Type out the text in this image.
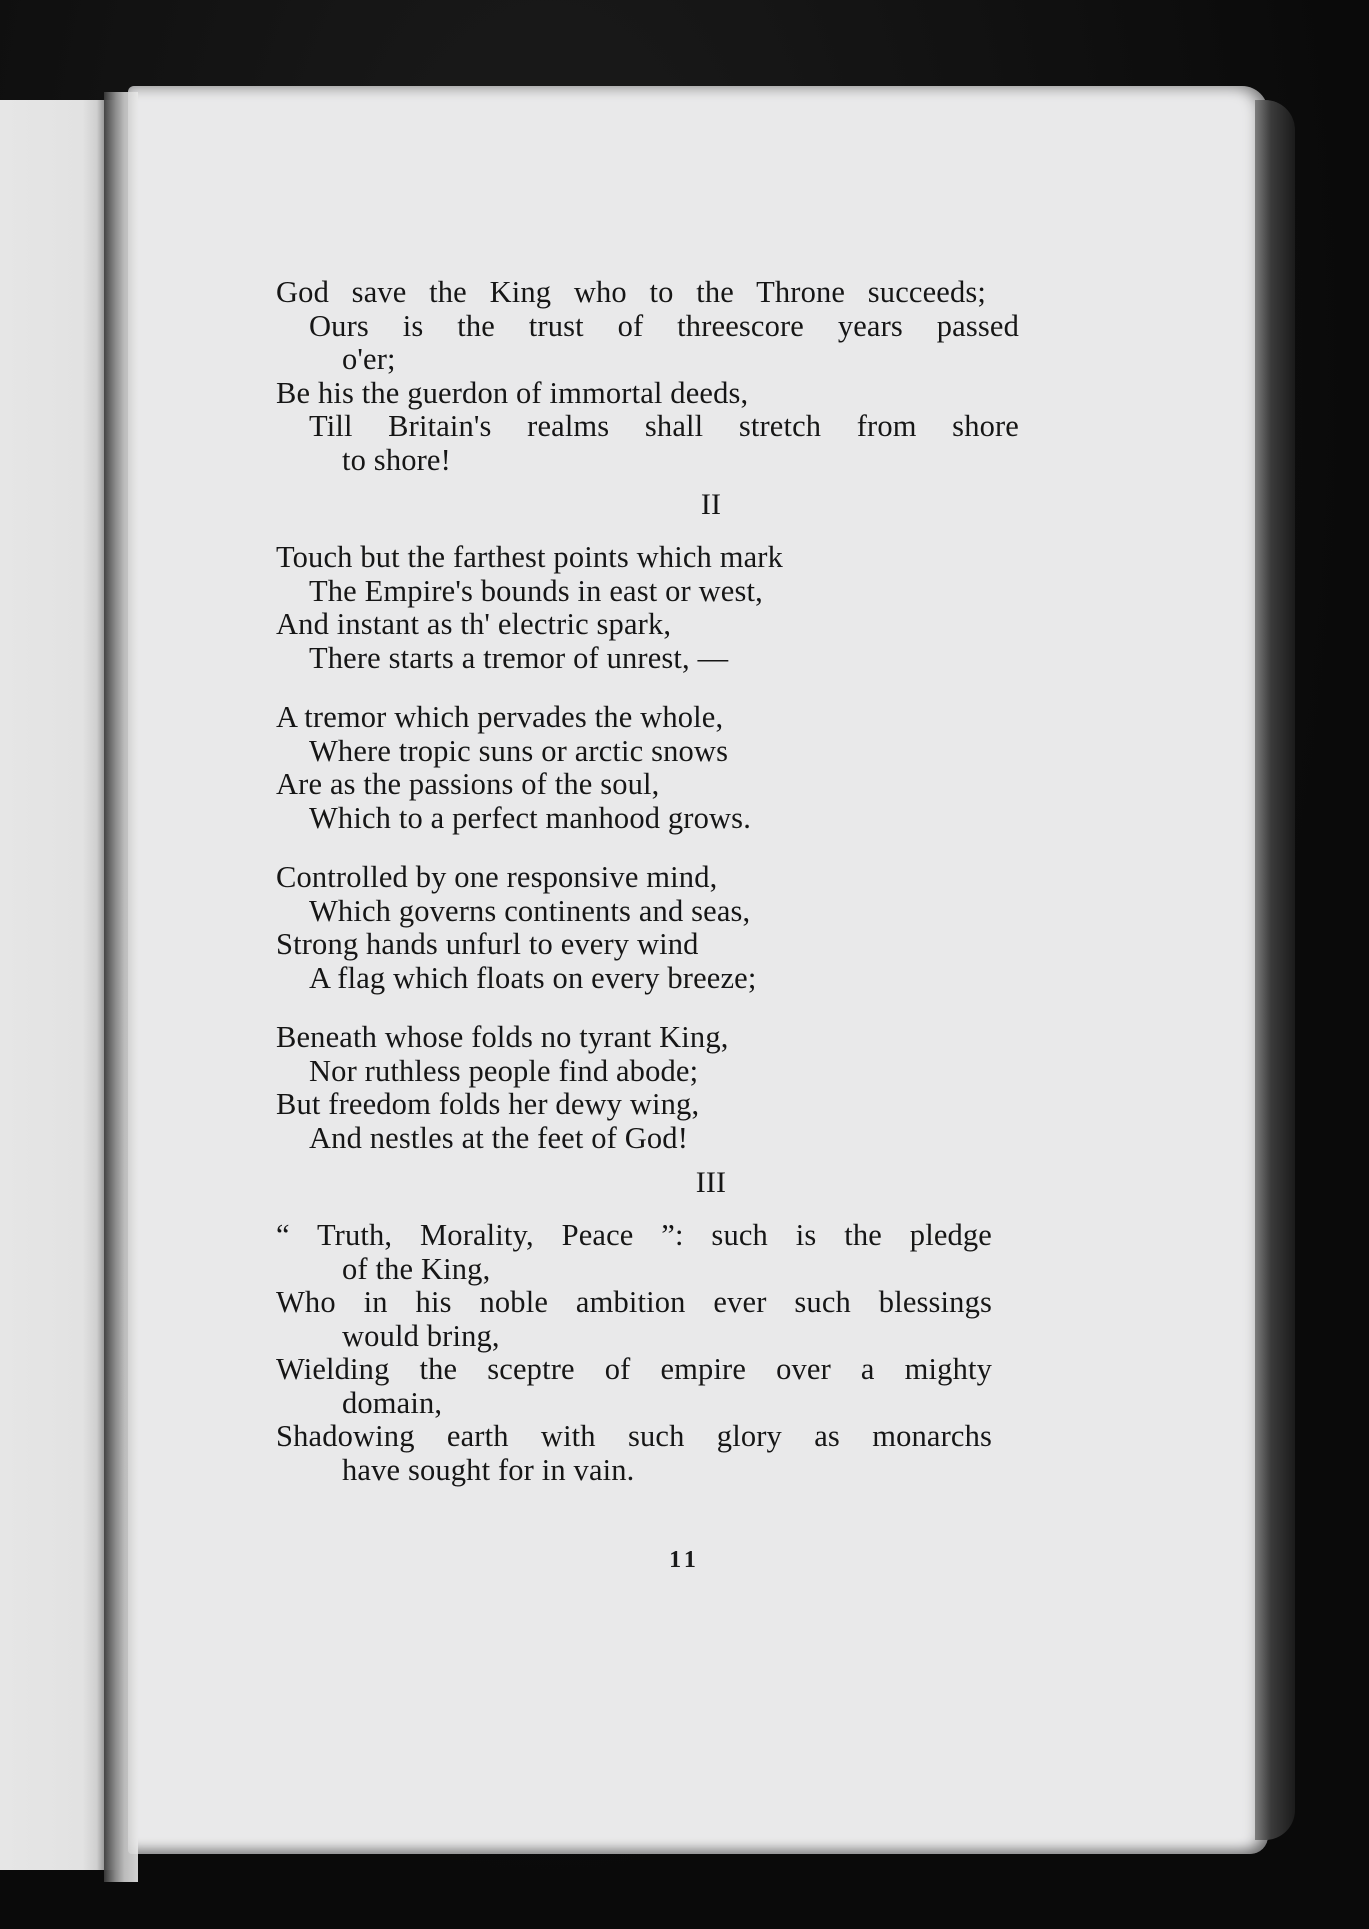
God save the King who to the Throne succeeds;
Ours is the trust of threescore years passed
o'er;
Be his the guerdon of immortal deeds,
Till Britain's realms shall stretch from shore
to shore!
II
Touch but the farthest points which mark
The Empire's bounds in east or west,
And instant as th' electric spark,
There starts a tremor of unrest, —
A tremor which pervades the whole,
Where tropic suns or arctic snows
Are as the passions of the soul,
Which to a perfect manhood grows.
Controlled by one responsive mind,
Which governs continents and seas,
Strong hands unfurl to every wind
A flag which floats on every breeze;
Beneath whose folds no tyrant King,
Nor ruthless people find abode;
But freedom folds her dewy wing,
And nestles at the feet of God!
III
“ Truth, Morality, Peace ”: such is the pledge
of the King,
Who in his noble ambition ever such blessings
would bring,
Wielding the sceptre of empire over a mighty
domain,
Shadowing earth with such glory as monarchs
have sought for in vain.
11
